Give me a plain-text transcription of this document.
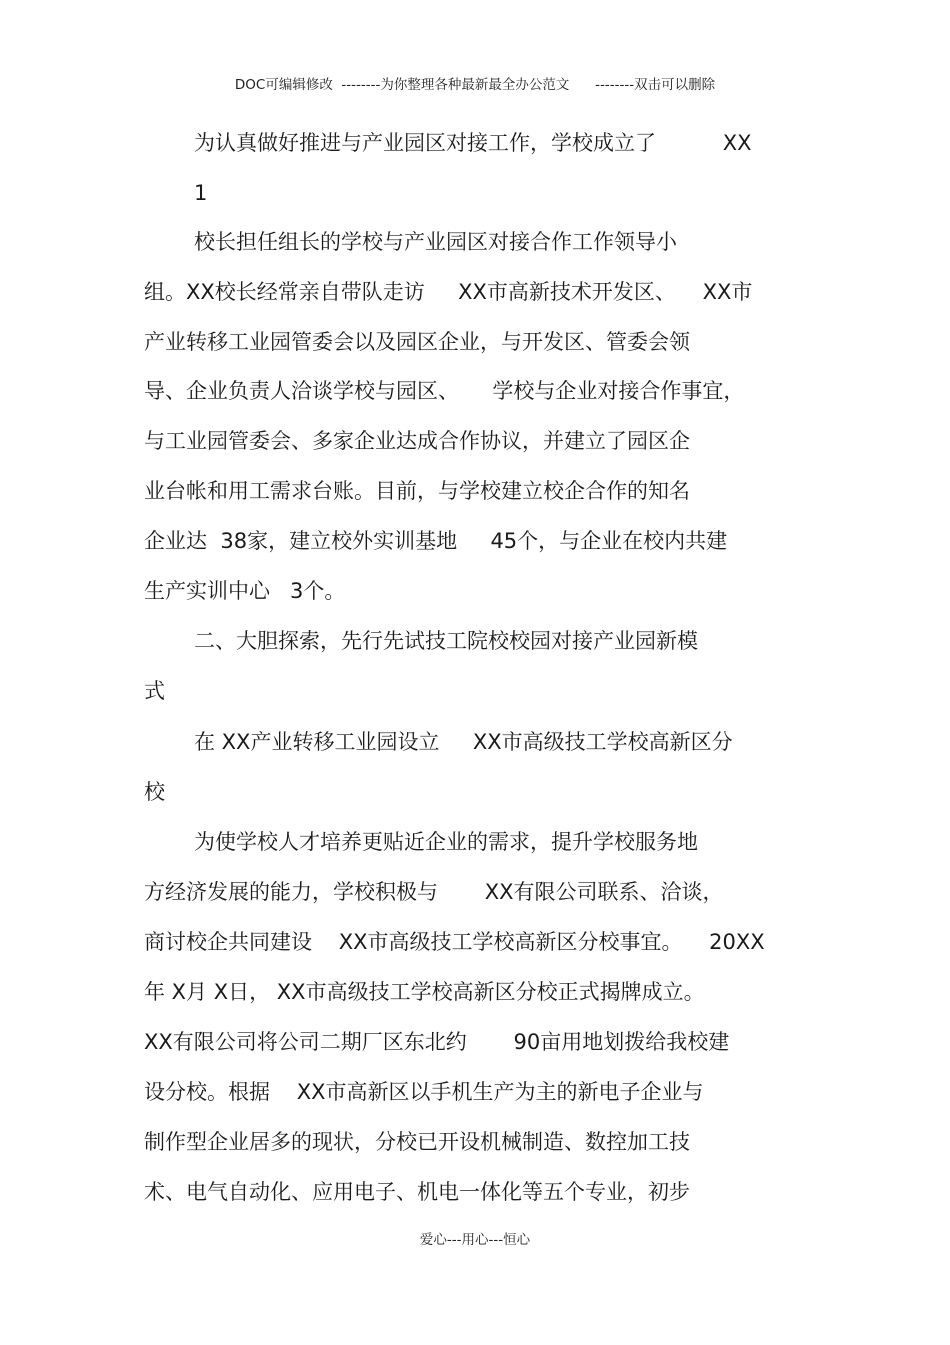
DOC可编辑修改  --------为你整理各种最新最全办公范文      --------双击可以删除
为认真做好推进与产业园区对接工作，学校成立了          XX
1
校长担任组长的学校与产业园区对接合作工作领导小
组。XX校长经常亲自带队走访     XX市高新技术开发区、    XX市
产业转移工业园管委会以及园区企业，与开发区、管委会领
导、企业负责人洽谈学校与园区、     学校与企业对接合作事宜，
与工业园管委会、多家企业达成合作协议，并建立了园区企
业台帐和用工需求台账。目前，与学校建立校企合作的知名
企业达  38家，建立校外实训基地     45个，与企业在校内共建
生产实训中心   3个。
二、大胆探索，先行先试技工院校校园对接产业园新模
式
在 XX产业转移工业园设立     XX市高级技工学校高新区分
校
为使学校人才培养更贴近企业的需求，提升学校服务地
方经济发展的能力，学校积极与       XX有限公司联系、洽谈，
商讨校企共同建设    XX市高级技工学校高新区分校事宜。    20XX
年 X月 X日， XX市高级技工学校高新区分校正式揭牌成立。
XX有限公司将公司二期厂区东北约       90亩用地划拨给我校建
设分校。根据    XX市高新区以手机生产为主的新电子企业与
制作型企业居多的现状，分校已开设机械制造、数控加工技
术、电气自动化、应用电子、机电一体化等五个专业，初步
爱心---用心---恒心
